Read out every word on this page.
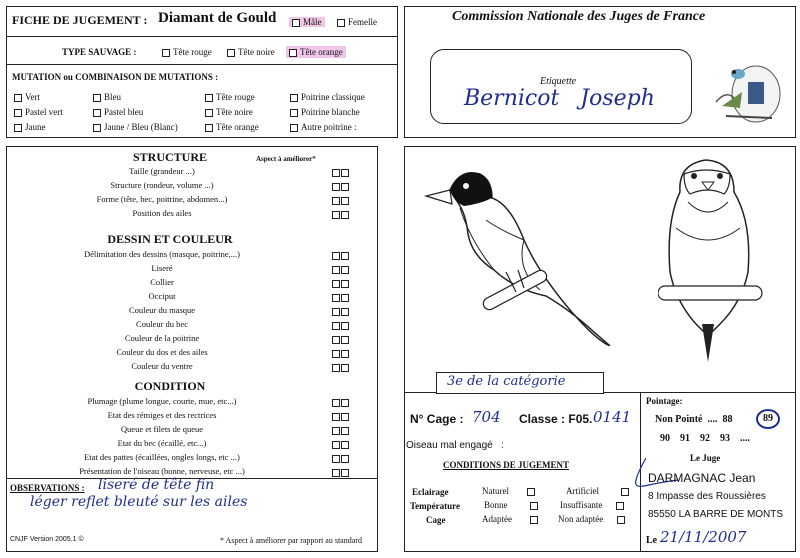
FICHE DE JUGEMENT : Diamant de Gould	Mâle	Femelle
TYPE SAUVAGE :	Tête rouge	Tête noire	Tête orange
MUTATION ou COMBINAISON DE MUTATIONS :
Vert	Bleu	Tête rouge	Poitrine classique
Pastel vert	Pastel bleu	Tête noire	Poitrine blanche
Jaune	Jaune / Bleu (Blanc)	Tête orange	Autre poitrine :
Commission Nationale des Juges de France
Etiquette
Bernicot   Joseph
STRUCTURE	Aspect à améliorer*
Taille (grandeur ...)
Structure (rondeur, volume ...)
Forme (tête, bec, poitrine, abdomen...)
Position des ailes
DESSIN ET COULEUR
Délimitation des dessins (masque, poitrine,...)
Liseré
Collier
Occiput
Couleur du masque
Couleur du bec
Couleur de la poitrine
Couleur du dos et des ailes
Couleur du ventre
CONDITION
Plumage (plume longue, courte, mue, etc...)
Etat des rémiges et des rectrices
Queue et filets de queue
Etat du bec (écaillé, etc...)
Etat des pattes (écaillées, ongles longs, etc ...)
Présentation de l'oiseau (bonne, nerveuse, etc ...)
OBSERVATIONS : liseré de tête fin
léger reflet bleuté sur les ailes
CNJF Version 2005.1 ©	* Aspect à améliorer par rapport au standard
3e de la catégorie
N° Cage : 704 Classe : F05. 0141
Oiseau mal engagé   :
CONDITIONS DE JUGEMENT
Eclairage	Naturel	Artificiel
Température	Bonne	Insuffisante
Cage	Adaptée	Non adaptée
Pointage:
Non Pointé  ....  88	89
90    91    92    93    ....
Le Juge
DARMAGNAC Jean
8 Impasse des Roussières
85550 LA BARRE DE MONTS
Le 21/11/2007
